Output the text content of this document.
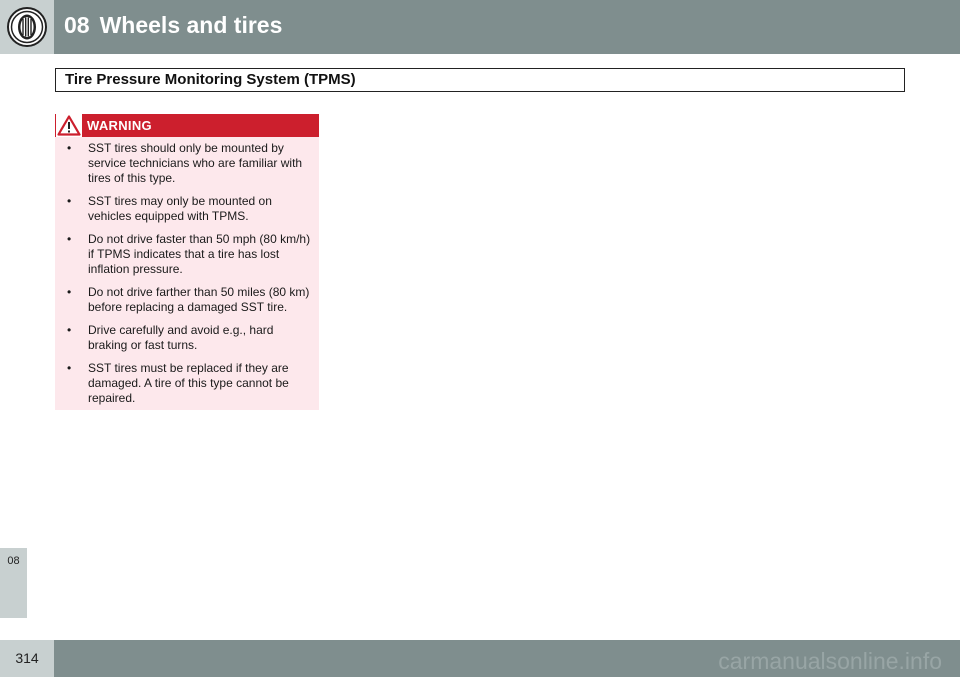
08 Wheels and tires
Tire Pressure Monitoring System (TPMS)
WARNING
• SST tires should only be mounted by service technicians who are familiar with tires of this type.
• SST tires may only be mounted on vehicles equipped with TPMS.
• Do not drive faster than 50 mph (80 km/h) if TPMS indicates that a tire has lost inflation pressure.
• Do not drive farther than 50 miles (80 km) before replacing a damaged SST tire.
• Drive carefully and avoid e.g., hard braking or fast turns.
• SST tires must be replaced if they are damaged. A tire of this type cannot be repaired.
08
314	carmanualsonline.info
